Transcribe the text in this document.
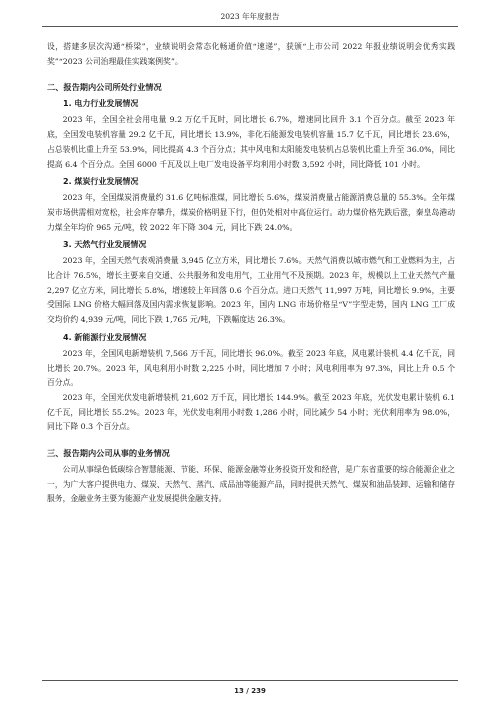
2023 年年度报告

设，搭建多层次沟通“桥梁”，业绩说明会常态化畅通价值“速递”，获颁“上市公司 2022 年报业绩说明会优秀实践奖”“2023 公司治理最佳实践案例奖”。

二、报告期内公司所处行业情况
1. 电力行业发展情况

2023 年，全国全社会用电量 9.2 万亿千瓦时，同比增长 6.7%，增速同比回升 3.1 个百分点。截至 2023 年底，全国发电装机容量 29.2 亿千瓦，同比增长 13.9%，非化石能源发电装机容量 15.7 亿千瓦，同比增长 23.6%，占总装机比重上升至 53.9%，同比提高 4.3 个百分点；其中风电和太阳能发电装机占总装机比重上升至 36.0%，同比提高 6.4 个百分点。全国 6000 千瓦及以上电厂发电设备平均利用小时数 3,592 小时，同比降低 101 小时。

2. 煤炭行业发展情况

2023 年，全国煤炭消费量约 31.6 亿吨标准煤，同比增长 5.6%，煤炭消费量占能源消费总量的 55.3%。全年煤炭市场供需相对宽松，社会库存攀升，煤炭价格明显下行，但仍处相对中高位运行。动力煤价格先跌后涨，秦皇岛港动力煤全年均价 965 元/吨，较 2022 年下降 304 元，同比下跌 24.0%。

3. 天然气行业发展情况

2023 年，全国天然气表观消费量 3,945 亿立方米，同比增长 7.6%。天然气消费以城市燃气和工业燃料为主，占比合计 76.5%，增长主要来自交通、公共服务和发电用气，工业用气不及预期。2023 年，规模以上工业天然气产量 2,297 亿立方米，同比增长 5.8%，增速较上年回落 0.6 个百分点。进口天然气 11,997 万吨，同比增长 9.9%，主要受国际 LNG 价格大幅回落及国内需求恢复影响。2023 年，国内 LNG 市场价格呈“V”字型走势，国内 LNG 工厂成交均价约 4,939 元/吨，同比下跌 1,765 元/吨，下跌幅度达 26.3%。

4. 新能源行业发展情况

2023 年，全国风电新增装机 7,566 万千瓦，同比增长 96.0%。截至 2023 年底，风电累计装机 4.4 亿千瓦，同比增长 20.7%。2023 年，风电利用小时数 2,225 小时，同比增加 7 小时；风电利用率为 97.3%，同比上升 0.5 个百分点。

2023 年，全国光伏发电新增装机 21,602 万千瓦，同比增长 144.9%。截至 2023 年底，光伏发电累计装机 6.1 亿千瓦，同比增长 55.2%。2023 年，光伏发电利用小时数 1,286 小时，同比减少 54 小时；光伏利用率为 98.0%，同比下降 0.3 个百分点。

三、报告期内公司从事的业务情况

公司从事绿色低碳综合智慧能源、节能、环保、能源金融等业务投资开发和经营，是广东省重要的综合能源企业之一，为广大客户提供电力、煤炭、天然气、蒸汽、成品油等能源产品，同时提供天然气、煤炭和油品装卸、运输和储存服务，金融业务主要为能源产业发展提供金融支持。

13 / 239
